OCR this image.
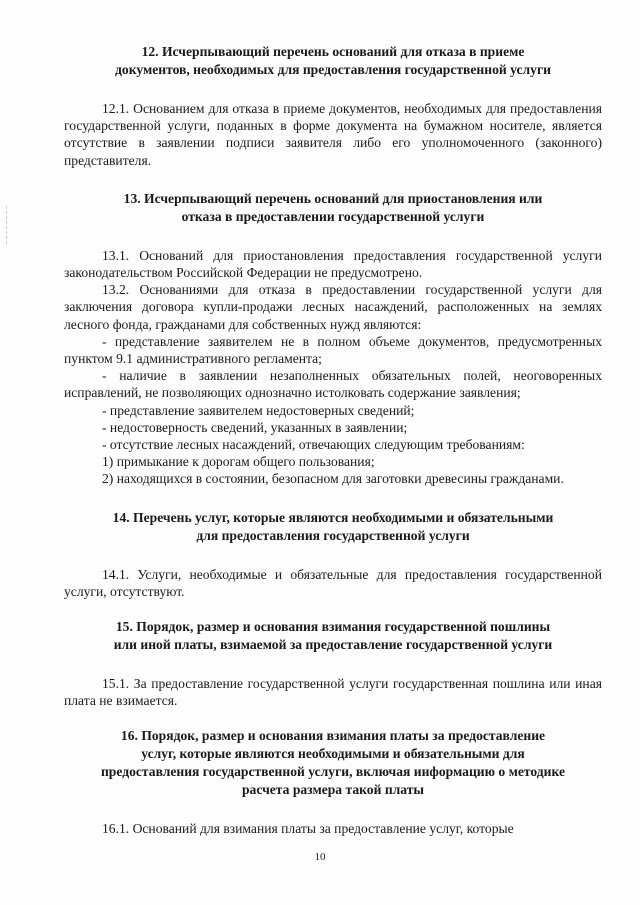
12. Исчерпывающий перечень оснований для отказа в приеме
документов, необходимых для предоставления государственной услуги

12.1. Основанием для отказа в приеме документов, необходимых для предоставления государственной услуги, поданных в форме документа на бумажном носителе, является отсутствие в заявлении подписи заявителя либо его уполномоченного (законного) представителя.

13. Исчерпывающий перечень оснований для приостановления или
отказа в предоставлении государственной услуги

13.1. Оснований для приостановления предоставления государственной услуги законодательством Российской Федерации не предусмотрено.

13.2. Основаниями для отказа в предоставлении государственной услуги для заключения договора купли-продажи лесных насаждений, расположенных на землях лесного фонда, гражданами для собственных нужд являются:

- представление заявителем не в полном объеме документов, предусмотренных пунктом 9.1 административного регламента;

- наличие в заявлении незаполненных обязательных полей, неоговоренных исправлений, не позволяющих однозначно истолковать содержание заявления;

- представление заявителем недостоверных сведений;

- недостоверность сведений, указанных в заявлении;

- отсутствие лесных насаждений, отвечающих следующим требованиям:

1) примыкание к дорогам общего пользования;

2) находящихся в состоянии, безопасном для заготовки древесины гражданами.

14. Перечень услуг, которые являются необходимыми и обязательными
для предоставления государственной услуги

14.1. Услуги, необходимые и обязательные для предоставления государственной услуги, отсутствуют.

15. Порядок, размер и основания взимания государственной пошлины
или иной платы, взимаемой за предоставление государственной услуги

15.1. За предоставление государственной услуги государственная пошлина или иная плата не взимается.

16. Порядок, размер и основания взимания платы за предоставление
услуг, которые являются необходимыми и обязательными для
предоставления государственной услуги, включая информацию о методике
расчета размера такой платы

16.1. Оснований для взимания платы за предоставление услуг, которые

10
